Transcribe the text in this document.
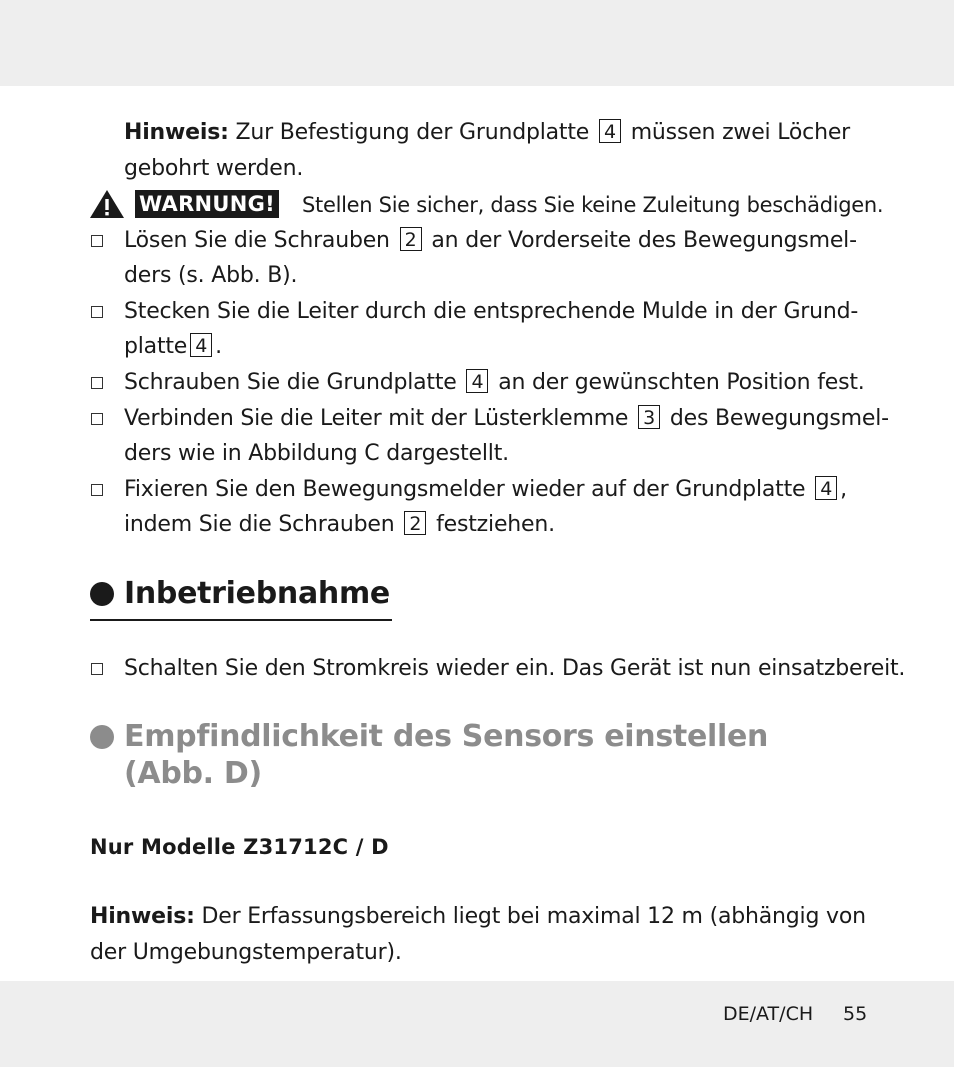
Hinweis: Zur Befestigung der Grundplatte 4 müssen zwei Löcher
gebohrt werden.
WARNUNG! Stellen Sie sicher, dass Sie keine Zuleitung beschädigen.
Lösen Sie die Schrauben 2 an der Vorderseite des Bewegungsmel-
ders (s. Abb. B).
Stecken Sie die Leiter durch die entsprechende Mulde in der Grund-
platte 4 .
Schrauben Sie die Grundplatte 4 an der gewünschten Position fest.
Verbinden Sie die Leiter mit der Lüsterklemme 3 des Bewegungsmel-
ders wie in Abbildung C dargestellt.
Fixieren Sie den Bewegungsmelder wieder auf der Grundplatte 4 ,
indem Sie die Schrauben 2 festziehen.
Inbetriebnahme
Schalten Sie den Stromkreis wieder ein. Das Gerät ist nun einsatzbereit.
Empfindlichkeit des Sensors einstellen
(Abb. D)
Nur Modelle Z31712C / D
Hinweis: Der Erfassungsbereich liegt bei maximal 12 m (abhängig von
der Umgebungstemperatur).
DE/AT/CH 55
